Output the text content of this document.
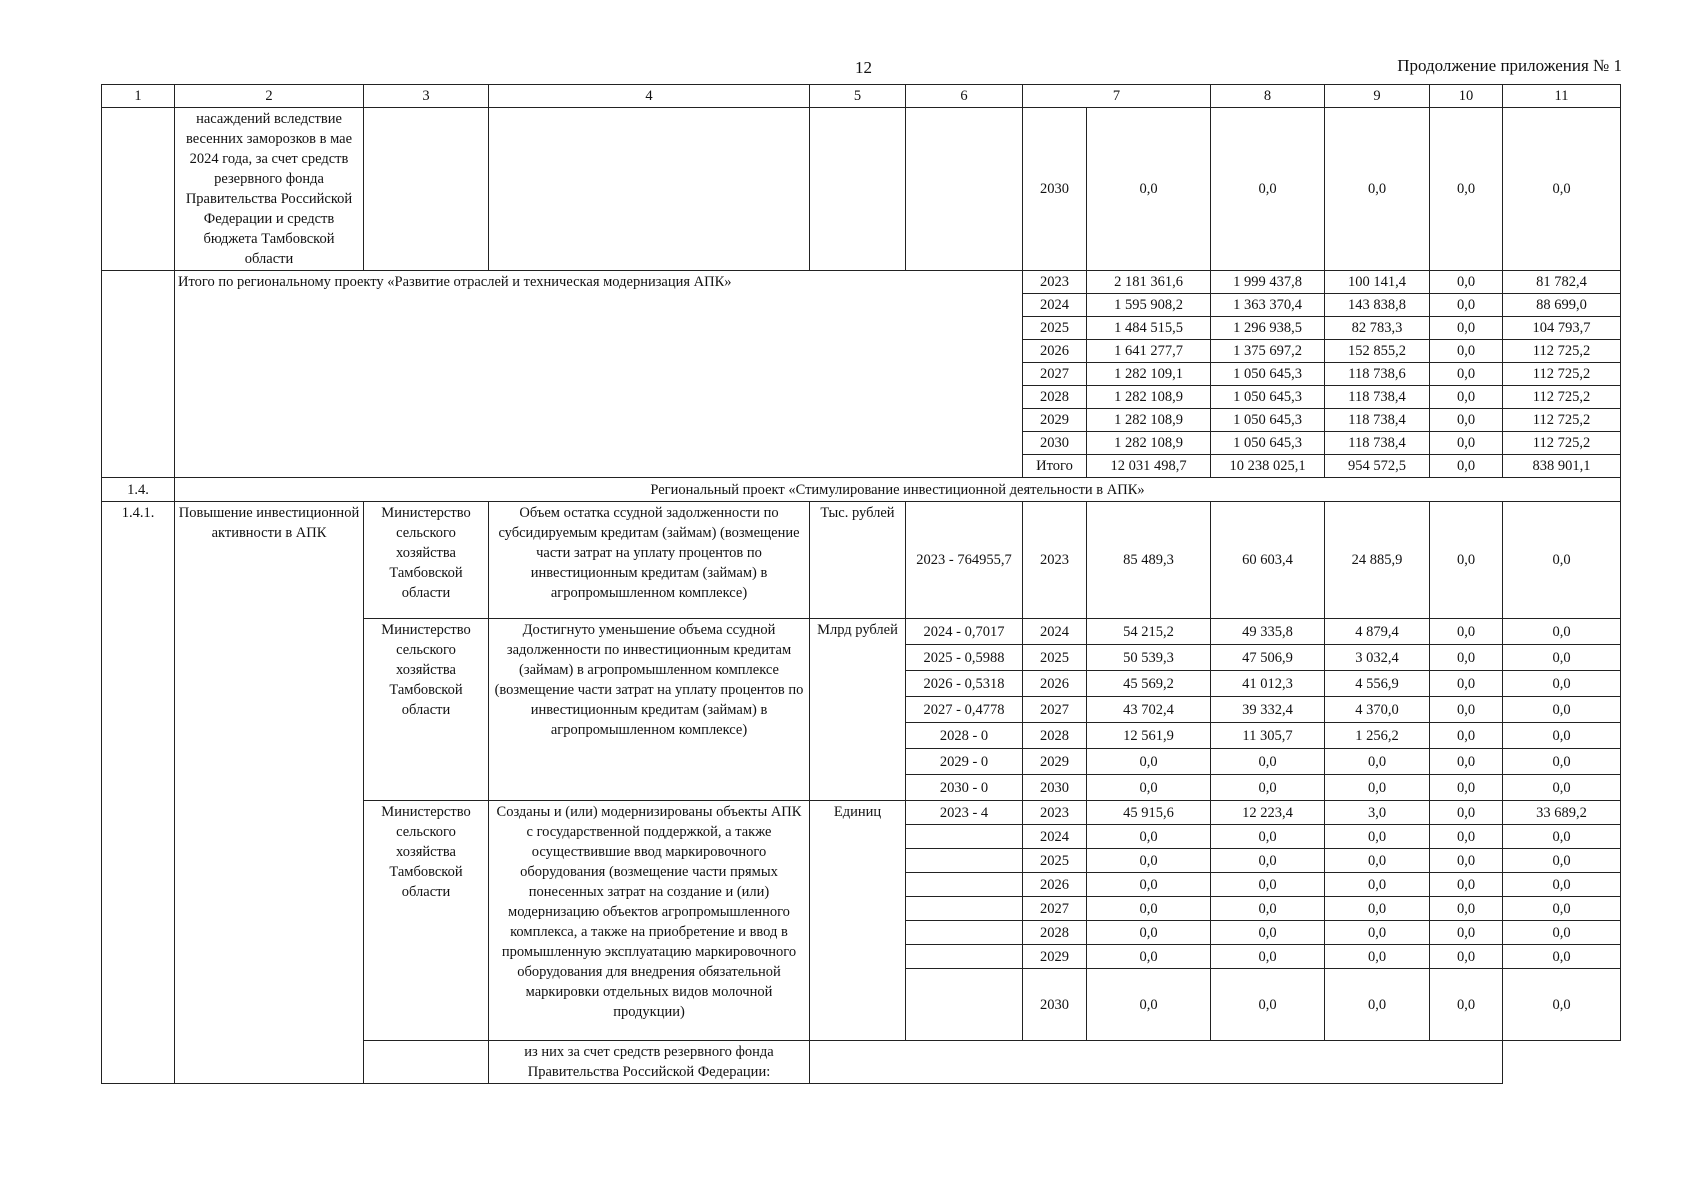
12	Продолжение приложения № 1
1	2	3	4	5	6	7		8	9	10	11
	насаждений вследствие весенних заморозков в мае 2024 года, за счет средств резервного фонда Правительства Российской Федерации и средств бюджета Тамбовской области					2030	0,0	0,0	0,0	0,0	0,0
	Итого по региональному проекту «Развитие отраслей и техническая модернизация АПК»					2023	2 181 361,6	1 999 437,8	100 141,4	0,0	81 782,4
						2024	1 595 908,2	1 363 370,4	143 838,8	0,0	88 699,0
						2025	1 484 515,5	1 296 938,5	82 783,3	0,0	104 793,7
						2026	1 641 277,7	1 375 697,2	152 855,2	0,0	112 725,2
						2027	1 282 109,1	1 050 645,3	118 738,6	0,0	112 725,2
						2028	1 282 108,9	1 050 645,3	118 738,4	0,0	112 725,2
						2029	1 282 108,9	1 050 645,3	118 738,4	0,0	112 725,2
						2030	1 282 108,9	1 050 645,3	118 738,4	0,0	112 725,2
						Итого	12 031 498,7	10 238 025,1	954 572,5	0,0	838 901,1
1.4.	Региональный проект «Стимулирование инвестиционной деятельности в АПК»										
1.4.1.	Повышение инвестиционной активности в АПК	Министерство сельского хозяйства Тамбовской области	Объем остатка ссудной задолженности по субсидируемым кредитам (займам) (возмещение части затрат на уплату процентов по инвестиционным кредитам (займам) в агропромышленном комплексе)	Тыс. рублей	2023 - 764955,7	2023	85 489,3	60 603,4	24 885,9	0,0	0,0
		Министерство сельского хозяйства Тамбовской области	Достигнуто уменьшение объема ссудной задолженности по инвестиционным кредитам (займам) в агропромышленном комплексе (возмещение части затрат на уплату процентов по инвестиционным кредитам (займам) в агропромышленном комплексе)	Млрд рублей	2024 - 0,7017	2024	54 215,2	49 335,8	4 879,4	0,0	0,0
					2025 - 0,5988	2025	50 539,3	47 506,9	3 032,4	0,0	0,0
					2026 - 0,5318	2026	45 569,2	41 012,3	4 556,9	0,0	0,0
					2027 - 0,4778	2027	43 702,4	39 332,4	4 370,0	0,0	0,0
					2028 - 0	2028	12 561,9	11 305,7	1 256,2	0,0	0,0
					2029 - 0	2029	0,0	0,0	0,0	0,0	0,0
					2030 - 0	2030	0,0	0,0	0,0	0,0	0,0
		Министерство сельского хозяйства Тамбовской области	Созданы и (или) модернизированы объекты АПК с государственной поддержкой, а также осуществившие ввод маркировочного оборудования (возмещение части прямых понесенных затрат на создание и (или) модернизацию объектов агропромышленного комплекса, а также на приобретение и ввод в промышленную эксплуатацию маркировочного оборудования для внедрения обязательной маркировки отдельных видов молочной продукции)	Единиц	2023 - 4	2023	45 915,6	12 223,4	3,0	0,0	33 689,2
						2024	0,0	0,0	0,0	0,0	0,0
						2025	0,0	0,0	0,0	0,0	0,0
						2026	0,0	0,0	0,0	0,0	0,0
						2027	0,0	0,0	0,0	0,0	0,0
						2028	0,0	0,0	0,0	0,0	0,0
						2029	0,0	0,0	0,0	0,0	0,0
						2030	0,0	0,0	0,0	0,0	0,0
			из них за счет средств резервного фонда Правительства Российской Федерации:								
